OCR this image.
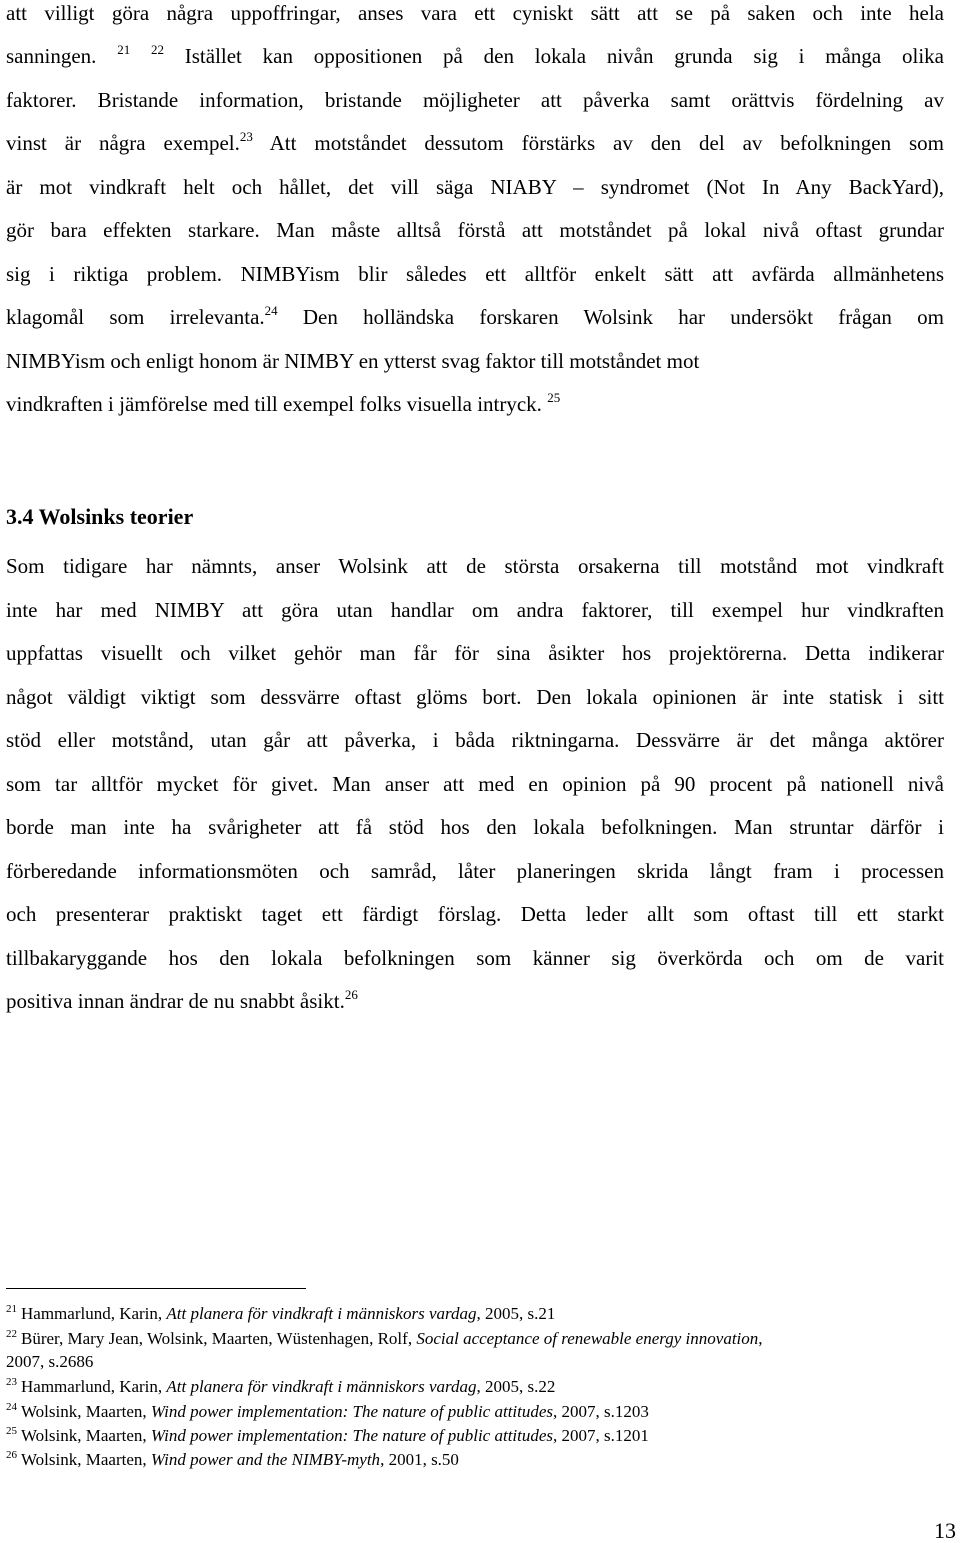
att villigt göra några uppoffringar, anses vara ett cyniskt sätt att se på saken och inte hela
sanningen. $^{21}$ $^{22}$ Istället kan oppositionen på den lokala nivån grunda sig i många olika
faktorer. Bristande information, bristande möjligheter att påverka samt orättvis fördelning av
vinst är några exempel.$^{23}$ Att motståndet dessutom förstärks av den del av befolkningen som
är mot vindkraft helt och hållet, det vill säga NIABY – syndromet (Not In Any BackYard),
gör bara effekten starkare. Man måste alltså förstå att motståndet på lokal nivå oftast grundar
sig i riktiga problem. NIMBYism blir således ett alltför enkelt sätt att avfärda allmänhetens
klagomål som irrelevanta.$^{24}$ Den holländska forskaren Wolsink har undersökt frågan om
NIMBYism och enligt honom är NIMBY en ytterst svag faktor till motståndet mot
vindkraften i jämförelse med till exempel folks visuella intryck. $^{25}$
3.4 Wolsinks teorier
Som tidigare har nämnts, anser Wolsink att de största orsakerna till motstånd mot vindkraft
inte har med NIMBY att göra utan handlar om andra faktorer, till exempel hur vindkraften
uppfattas visuellt och vilket gehör man får för sina åsikter hos projektörerna. Detta indikerar
något väldigt viktigt som dessvärre oftast glöms bort. Den lokala opinionen är inte statisk i sitt
stöd eller motstånd, utan går att påverka, i båda riktningarna. Dessvärre är det många aktörer
som tar alltför mycket för givet. Man anser att med en opinion på 90 procent på nationell nivå
borde man inte ha svårigheter att få stöd hos den lokala befolkningen. Man struntar därför i
förberedande informationsmöten och samråd, låter planeringen skrida långt fram i processen
och presenterar praktiskt taget ett färdigt förslag. Detta leder allt som oftast till ett starkt
tillbakaryggande hos den lokala befolkningen som känner sig överkörda och om de varit
positiva innan ändrar de nu snabbt åsikt.$^{26}$
$^{21}$ Hammarlund, Karin, Att planera för vindkraft i människors vardag, 2005, s.21
$^{22}$ Bürer, Mary Jean, Wolsink, Maarten, Wüstenhagen, Rolf, Social acceptance of renewable energy innovation,
2007, s.2686
$^{23}$ Hammarlund, Karin, Att planera för vindkraft i människors vardag, 2005, s.22
$^{24}$ Wolsink, Maarten, Wind power implementation: The nature of public attitudes, 2007, s.1203
$^{25}$ Wolsink, Maarten, Wind power implementation: The nature of public attitudes, 2007, s.1201
$^{26}$ Wolsink, Maarten, Wind power and the NIMBY-myth, 2001, s.50
13
